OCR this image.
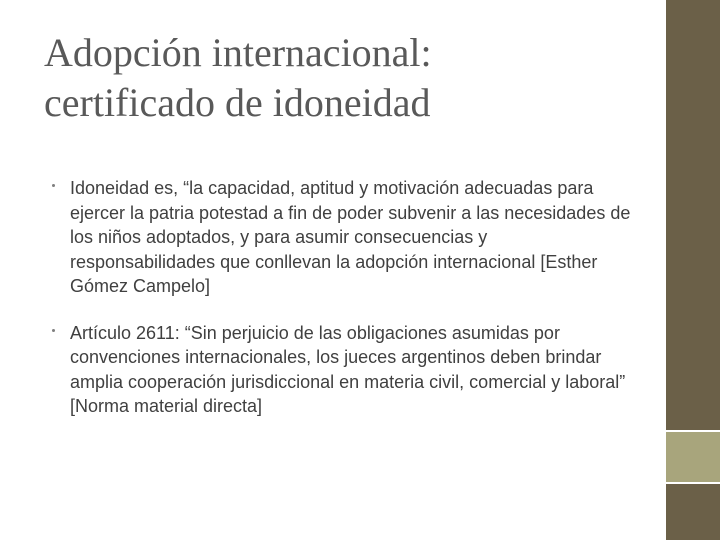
Adopción internacional:
certificado de idoneidad
Idoneidad es, “la capacidad, aptitud y motivación adecuadas para ejercer la patria potestad a fin de poder subvenir a las necesidades de los niños adoptados, y para asumir consecuencias y responsabilidades que conllevan la adopción internacional [Esther Gómez Campelo]
Artículo 2611: “Sin perjuicio de las obligaciones asumidas por convenciones internacionales, los jueces argentinos deben brindar amplia cooperación jurisdiccional en materia civil, comercial y laboral” [Norma material directa]
